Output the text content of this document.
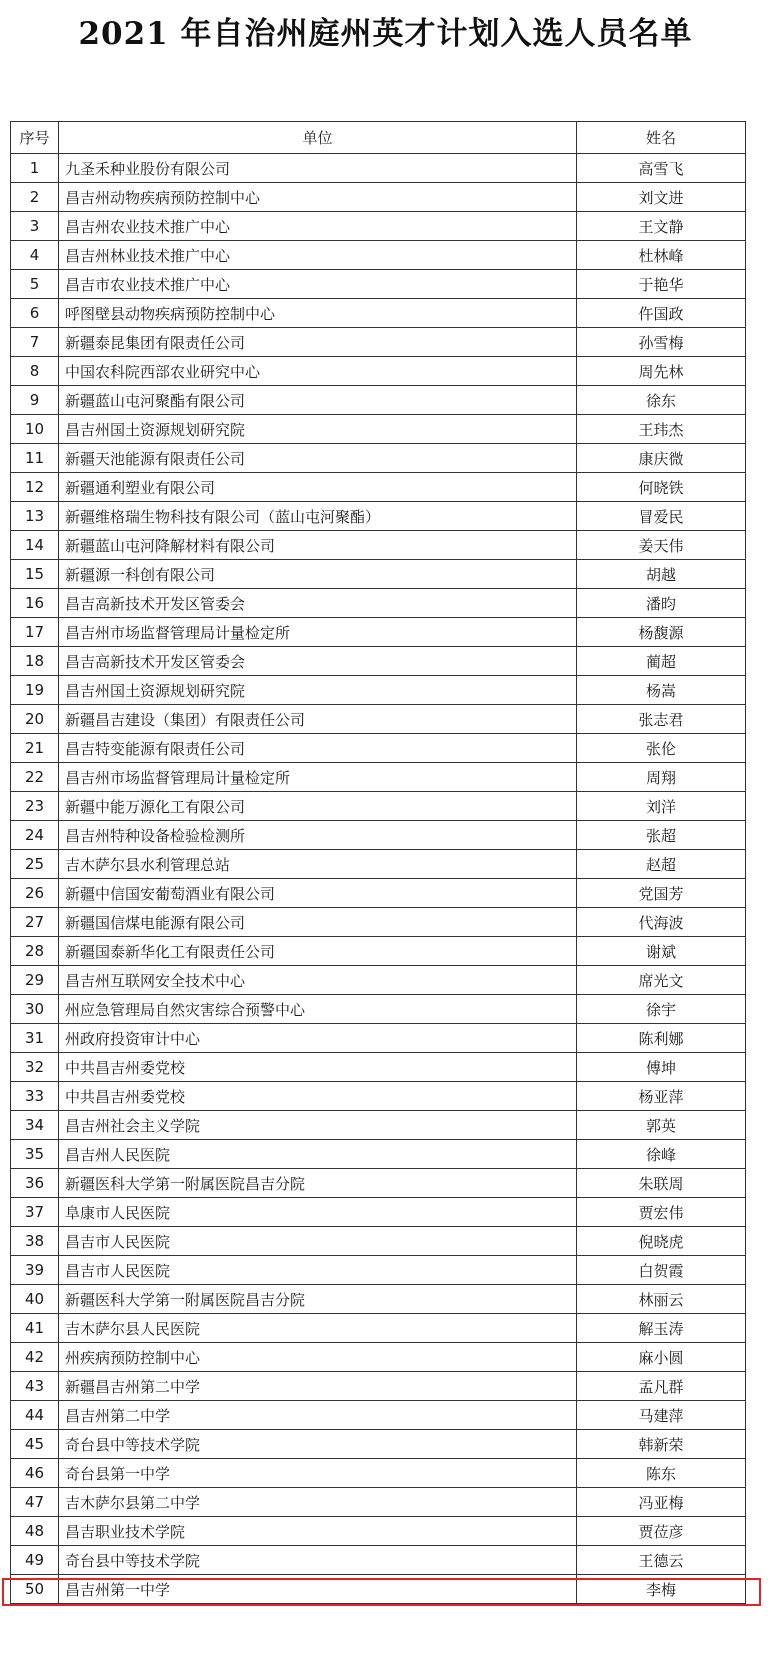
2021 年自治州庭州英才计划入选人员名单
序号	单位	姓名
1	九圣禾种业股份有限公司	高雪飞
2	昌吉州动物疾病预防控制中心	刘文进
3	昌吉州农业技术推广中心	王文静
4	昌吉州林业技术推广中心	杜林峰
5	昌吉市农业技术推广中心	于艳华
6	呼图壁县动物疾病预防控制中心	仵国政
7	新疆泰昆集团有限责任公司	孙雪梅
8	中国农科院西部农业研究中心	周先林
9	新疆蓝山屯河聚酯有限公司	徐东
10	昌吉州国土资源规划研究院	王玮杰
11	新疆天池能源有限责任公司	康庆微
12	新疆通利塑业有限公司	何晓铁
13	新疆维格瑞生物科技有限公司（蓝山屯河聚酯）	冒爱民
14	新疆蓝山屯河降解材料有限公司	姜天伟
15	新疆源一科创有限公司	胡越
16	昌吉高新技术开发区管委会	潘昀
17	昌吉州市场监督管理局计量检定所	杨馥源
18	昌吉高新技术开发区管委会	蔺超
19	昌吉州国土资源规划研究院	杨嵩
20	新疆昌吉建设（集团）有限责任公司	张志君
21	昌吉特变能源有限责任公司	张伦
22	昌吉州市场监督管理局计量检定所	周翔
23	新疆中能万源化工有限公司	刘洋
24	昌吉州特种设备检验检测所	张超
25	吉木萨尔县水利管理总站	赵超
26	新疆中信国安葡萄酒业有限公司	党国芳
27	新疆国信煤电能源有限公司	代海波
28	新疆国泰新华化工有限责任公司	谢斌
29	昌吉州互联网安全技术中心	席光文
30	州应急管理局自然灾害综合预警中心	徐宇
31	州政府投资审计中心	陈利娜
32	中共昌吉州委党校	傅坤
33	中共昌吉州委党校	杨亚萍
34	昌吉州社会主义学院	郭英
35	昌吉州人民医院	徐峰
36	新疆医科大学第一附属医院昌吉分院	朱联周
37	阜康市人民医院	贾宏伟
38	昌吉市人民医院	倪晓虎
39	昌吉市人民医院	白贺霞
40	新疆医科大学第一附属医院昌吉分院	林丽云
41	吉木萨尔县人民医院	解玉涛
42	州疾病预防控制中心	麻小圆
43	新疆昌吉州第二中学	孟凡群
44	昌吉州第二中学	马建萍
45	奇台县中等技术学院	韩新荣
46	奇台县第一中学	陈东
47	吉木萨尔县第二中学	冯亚梅
48	昌吉职业技术学院	贾莅彦
49	奇台县中等技术学院	王德云
50	昌吉州第一中学	李梅
